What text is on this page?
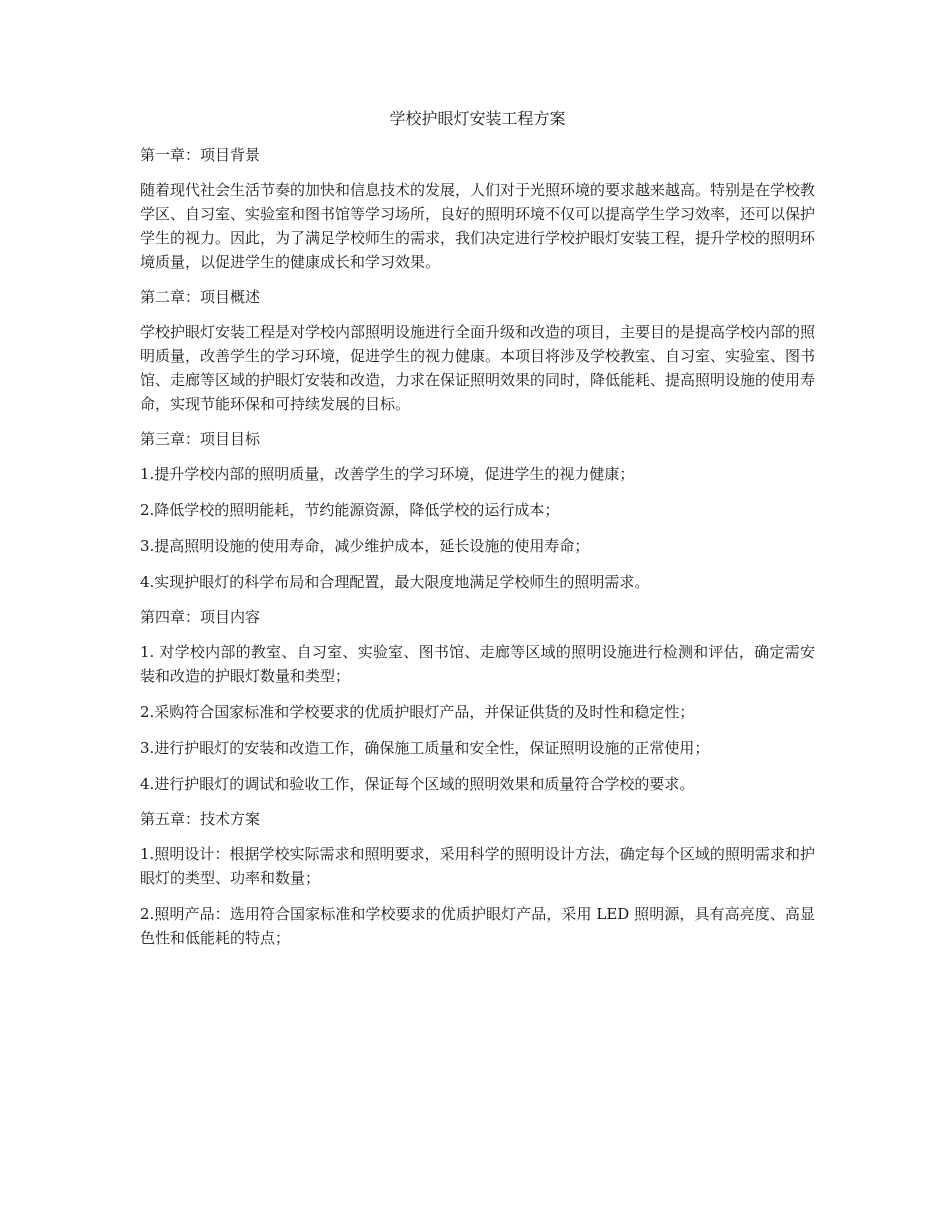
学校护眼灯安装工程方案
第一章：项目背景
随着现代社会生活节奏的加快和信息技术的发展，人们对于光照环境的要求越来越高。特别是在学校教学区、自习室、实验室和图书馆等学习场所，良好的照明环境不仅可以提高学生学习效率，还可以保护学生的视力。因此，为了满足学校师生的需求，我们决定进行学校护眼灯安装工程，提升学校的照明环境质量，以促进学生的健康成长和学习效果。
第二章：项目概述
学校护眼灯安装工程是对学校内部照明设施进行全面升级和改造的项目，主要目的是提高学校内部的照明质量，改善学生的学习环境，促进学生的视力健康。本项目将涉及学校教室、自习室、实验室、图书馆、走廊等区域的护眼灯安装和改造，力求在保证照明效果的同时，降低能耗、提高照明设施的使用寿命，实现节能环保和可持续发展的目标。
第三章：项目目标
1.提升学校内部的照明质量，改善学生的学习环境，促进学生的视力健康；
2.降低学校的照明能耗，节约能源资源，降低学校的运行成本；
3.提高照明设施的使用寿命，减少维护成本，延长设施的使用寿命；
4.实现护眼灯的科学布局和合理配置，最大限度地满足学校师生的照明需求。
第四章：项目内容
1. 对学校内部的教室、自习室、实验室、图书馆、走廊等区域的照明设施进行检测和评估，确定需安装和改造的护眼灯数量和类型；
2.采购符合国家标准和学校要求的优质护眼灯产品，并保证供货的及时性和稳定性；
3.进行护眼灯的安装和改造工作，确保施工质量和安全性，保证照明设施的正常使用；
4.进行护眼灯的调试和验收工作，保证每个区域的照明效果和质量符合学校的要求。
第五章：技术方案
1.照明设计：根据学校实际需求和照明要求，采用科学的照明设计方法，确定每个区域的照明需求和护眼灯的类型、功率和数量；
2.照明产品：选用符合国家标准和学校要求的优质护眼灯产品，采用 LED 照明源，具有高亮度、高显色性和低能耗的特点；
